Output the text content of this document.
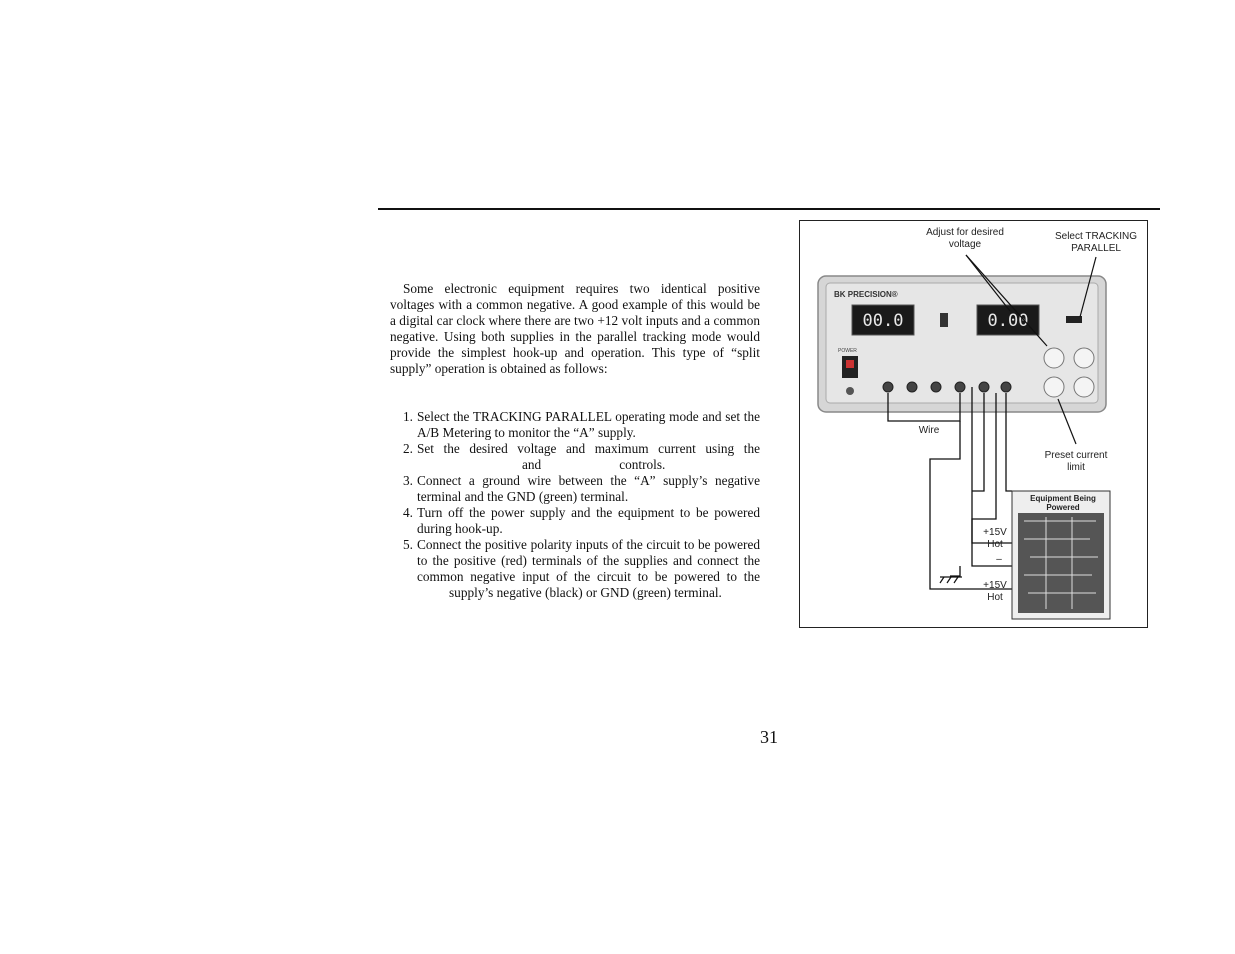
Some electronic equipment requires two identical positive voltages with a common negative. A good example of this would be a digital car clock where there are two +12 volt inputs and a common negative. Using both supplies in the parallel tracking mode would provide the simplest hook-up and operation. This type of “split supply” operation is obtained as follows:

1. Select the TRACKING PARALLEL operating mode and set the A/B Metering to monitor the “A” supply.
2. Set the desired voltage and maximum current using the and	controls.
3. Connect a ground wire between the “A” supply’s negative terminal and the GND (green) terminal.
4. Turn off the power supply and the equipment to be powered during hook-up.
5. Connect the positive polarity inputs of the circuit to be powered to the positive (red) terminals of the supplies and connect the common negative input of the circuit to be powered to the supply’s negative (black) or GND (green) terminal.
BK PRECISION®
00.0	0.00
POWER
Adjust for desired voltage
Select TRACKING PARALLEL
Wire
Preset current limit
Equipment Being Powered
+15V
Hot
–
+15V
Hot
31
